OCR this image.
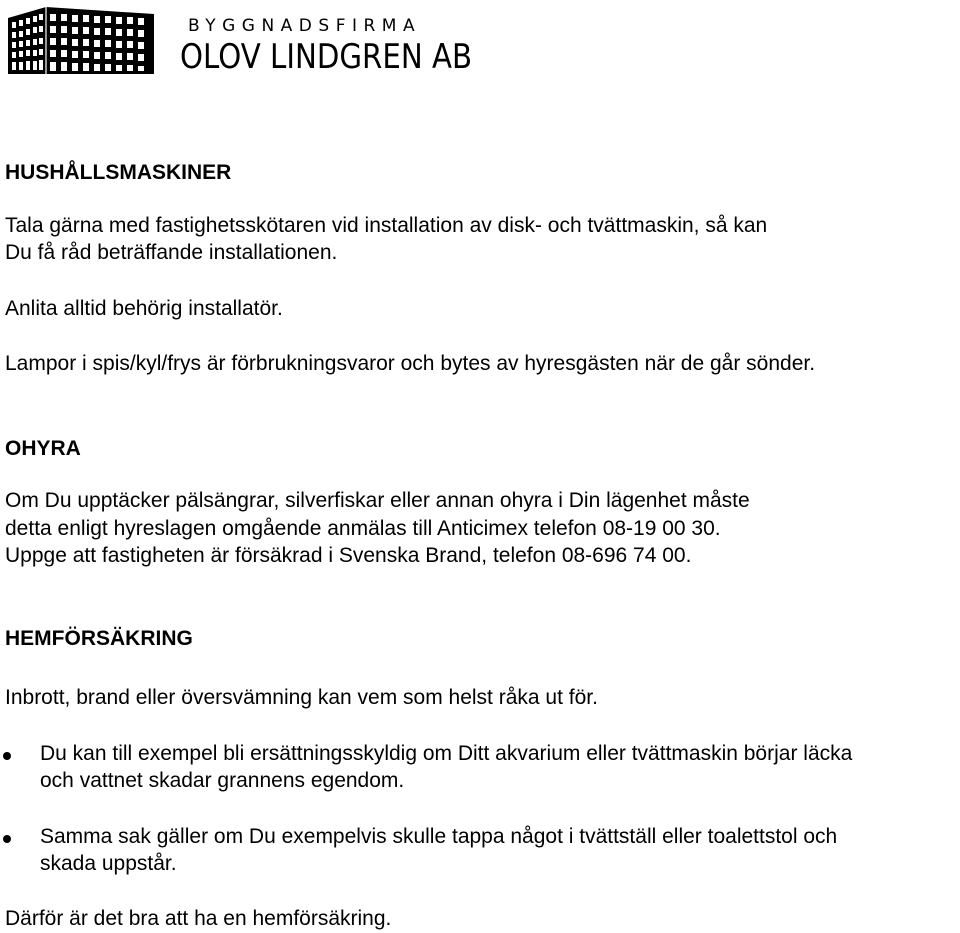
BYGGNADSFIRMA
OLOV LINDGREN AB

HUSHÅLLSMASKINER

Tala gärna med fastighetsskötaren vid installation av disk- och tvättmaskin, så kan

Du få råd beträffande installationen.

Anlita alltid behörig installatör.

Lampor i spis/kyl/frys är förbrukningsvaror och bytes av hyresgästen när de går sönder.

OHYRA

Om Du upptäcker pälsängrar, silverfiskar eller annan ohyra i Din lägenhet måste

detta enligt hyreslagen omgående anmälas till Anticimex telefon 08-19 00 30.

Uppge att fastigheten är försäkrad i Svenska Brand, telefon 08-696 74 00.

HEMFÖRSÄKRING

Inbrott, brand eller översvämning kan vem som helst råka ut för.

Du kan till exempel bli ersättningsskyldig om Ditt akvarium eller tvättmaskin börjar läcka

och vattnet skadar grannens egendom.

Samma sak gäller om Du exempelvis skulle tappa något i tvättställ eller toalettstol och

skada uppstår.

Därför är det bra att ha en hemförsäkring.
